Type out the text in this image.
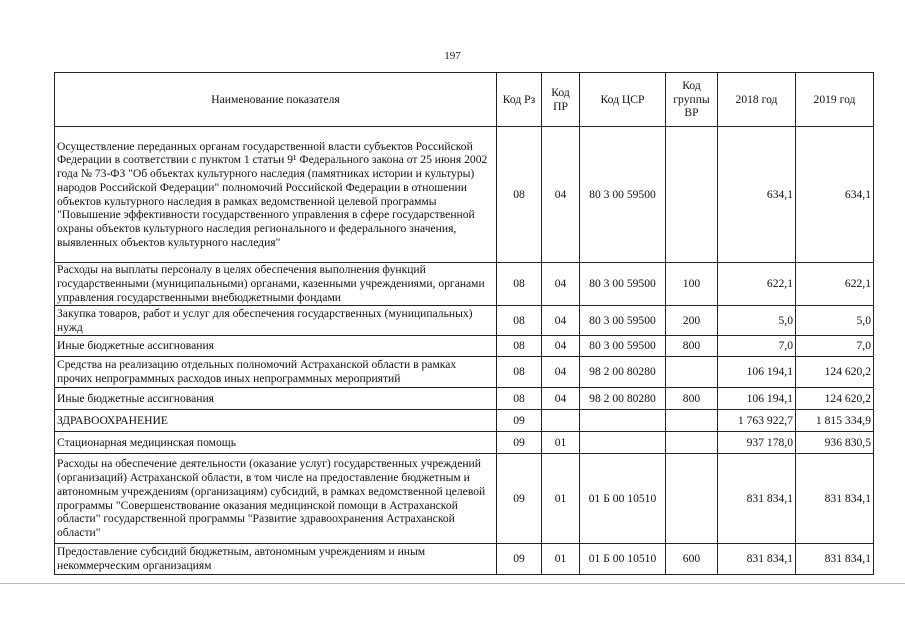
197
Наименование показателя	Код Рз	Код ПР	Код ЦСР	Код группы ВР	2018 год	2019 год
Осуществление переданных органам государственной власти субъектов Российской Федерации в соответствии с пунктом 1 статьи 9¹ Федерального закона от 25 июня 2002 года № 73-ФЗ "Об объектах культурного наследия (памятниках истории и культуры) народов Российской Федерации" полномочий Российской Федерации в отношении объектов культурного наследия в рамках ведомственной целевой программы "Повышение эффективности государственного управления в сфере государственной охраны объектов культурного наследия регионального и федерального значения, выявленных объектов культурного наследия"	08	04	80 3 00 59500		634,1	634,1
Расходы на выплаты персоналу в целях обеспечения выполнения функций государственными (муниципальными) органами, казенными учреждениями, органами управления государственными внебюджетными фондами	08	04	80 3 00 59500	100	622,1	622,1
Закупка товаров, работ и услуг для обеспечения государственных (муниципальных) нужд	08	04	80 3 00 59500	200	5,0	5,0
Иные бюджетные ассигнования	08	04	80 3 00 59500	800	7,0	7,0
Средства на реализацию отдельных полномочий Астраханской области в рамках прочих непрограммных расходов иных непрограммных мероприятий	08	04	98 2 00 80280		106 194,1	124 620,2
Иные бюджетные ассигнования	08	04	98 2 00 80280	800	106 194,1	124 620,2
ЗДРАВООХРАНЕНИЕ	09				1 763 922,7	1 815 334,9
Стационарная медицинская помощь	09	01			937 178,0	936 830,5
Расходы на обеспечение деятельности (оказание услуг) государственных учреждений (организаций) Астраханской области, в том числе на предоставление бюджетным и автономным учреждениям (организациям) субсидий, в рамках ведомственной целевой программы "Совершенствование оказания медицинской помощи в Астраханской области" государственной программы "Развитие здравоохранения Астраханской области"	09	01	01 Б 00 10510		831 834,1	831 834,1
Предоставление субсидий бюджетным, автономным учреждениям и иным некоммерческим организациям	09	01	01 Б 00 10510	600	831 834,1	831 834,1
